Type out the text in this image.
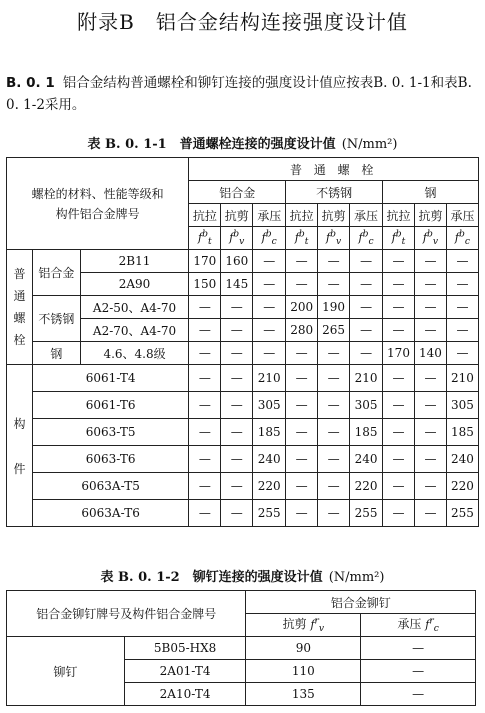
附录B　铝合金结构连接强度设计值
B. 0. 1 铝合金结构普通螺栓和铆钉连接的强度设计值应按表B. 0. 1-1和表B. 0. 1-2采用。
表 B. 0. 1-1　普通螺栓连接的强度设计值 (N/mm²)
螺栓的材料、性能等级和构件铝合金牌号			普 通 螺 栓								
			铝合金			不锈钢			钢		
			抗拉	抗剪	承压	抗拉	抗剪	承压	抗拉	抗剪	承压
			$f^b_t$	$f^b_v$	$f^b_c$	$f^b_t$	$f^b_v$	$f^b_c$	$f^b_t$	$f^b_v$	$f^b_c$
普
通
螺
栓	铝合金	2B11	170	160	—	—	—	—	—	—	—
		2A90	150	145	—	—	—	—	—	—	—
	不锈钢	A2-50、A4-70	—	—	—	200	190	—	—	—	—
		A2-70、A4-70	—	—	—	280	265	—	—	—	—
	钢	4.6、4.8级	—	—	—	—	—	—	170	140	—
构

件	6061-T4		—	—	210	—	—	210	—	—	210
	6061-T6		—	—	305	—	—	305	—	—	305
	6063-T5		—	—	185	—	—	185	—	—	185
	6063-T6		—	—	240	—	—	240	—	—	240
	6063A-T5		—	—	220	—	—	220	—	—	220
	6063A-T6		—	—	255	—	—	255	—	—	255
表 B. 0. 1-2　铆钉连接的强度设计值 (N/mm²)
铝合金铆钉牌号及构件铝合金牌号		铝合金铆钉	
		抗剪 $f^r_v$	承压 $f^r_c$
铆钉	5B05-HX8	90	—
	2A01-T4	110	—
	2A10-T4	135	—
